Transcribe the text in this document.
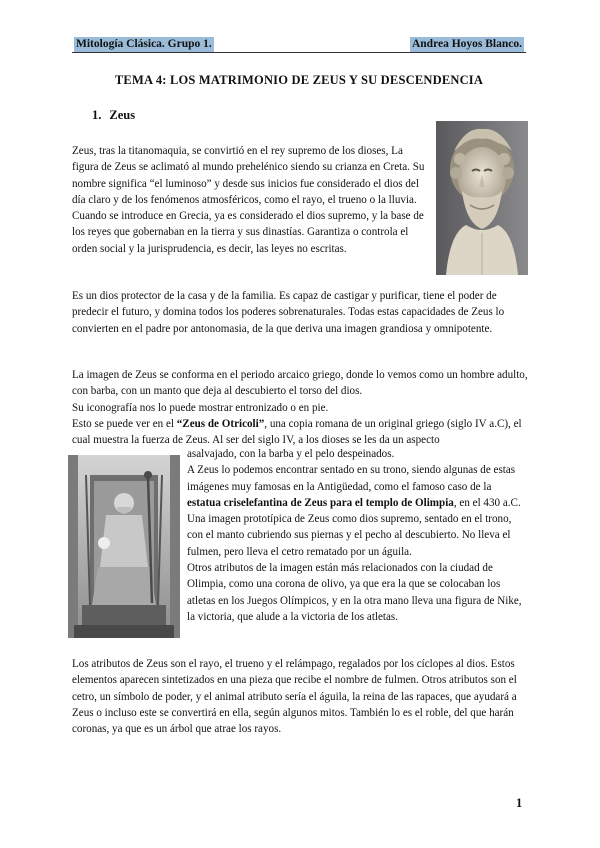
Mitología Clásica. Grupo 1.	Andrea Hoyos Blanco.
TEMA 4: LOS MATRIMONIO DE ZEUS Y SU DESCENDENCIA
1. Zeus

Zeus, tras la titanomaquia, se convirtió en el rey supremo de los dioses, La figura de Zeus se aclimató al mundo prehelénico siendo su crianza en Creta. Su nombre significa “el luminoso” y desde sus inicios fue considerado el dios del día claro y de los fenómenos atmosféricos, como el rayo, el trueno o la lluvia.

Cuando se introduce en Grecia, ya es considerado el dios supremo, y la base de los reyes que gobernaban en la tierra y sus dinastías. Garantiza o controla el orden social y la jurisprudencia, es decir, las leyes no escritas.

Es un dios protector de la casa y de la familia. Es capaz de castigar y purificar, tiene el poder de predecir el futuro, y domina todos los poderes sobrenaturales. Todas estas capacidades de Zeus lo convierten en el padre por antonomasia, de la que deriva una imagen grandiosa y omnipotente.

La imagen de Zeus se conforma en el periodo arcaico griego, donde lo vemos como un hombre adulto, con barba, con un manto que deja al descubierto el torso del dios.

Su iconografía nos lo puede mostrar entronizado o en pie.

Esto se puede ver en el “Zeus de Otricoli”, una copia romana de un original griego (siglo IV a.C), el cual muestra la fuerza de Zeus. Al ser del siglo IV, a los dioses se les da un aspecto

asalvajado, con la barba y el pelo despeinados.

A Zeus lo podemos encontrar sentado en su trono, siendo algunas de estas imágenes muy famosas en la Antigüedad, como el famoso caso de la estatua criselefantina de Zeus para el templo de Olimpia, en el 430 a.C. Una imagen prototípica de Zeus como dios supremo, sentado en el trono, con el manto cubriendo sus piernas y el pecho al descubierto. No lleva el fulmen, pero lleva el cetro rematado por un águila.

Otros atributos de la imagen están más relacionados con la ciudad de Olimpia, como una corona de olivo, ya que era la que se colocaban los atletas en los Juegos Olímpicos, y en la otra mano lleva una figura de Nike, la victoria, que alude a la victoria de los atletas.

Los atributos de Zeus son el rayo, el trueno y el relámpago, regalados por los cíclopes al dios. Estos elementos aparecen sintetizados en una pieza que recibe el nombre de fulmen. Otros atributos son el cetro, un símbolo de poder, y el animal atributo sería el águila, la reina de las rapaces, que ayudará a Zeus o incluso este se convertirá en ella, según algunos mitos. También lo es el roble, del que harán coronas, ya que es un árbol que atrae los rayos.
1
